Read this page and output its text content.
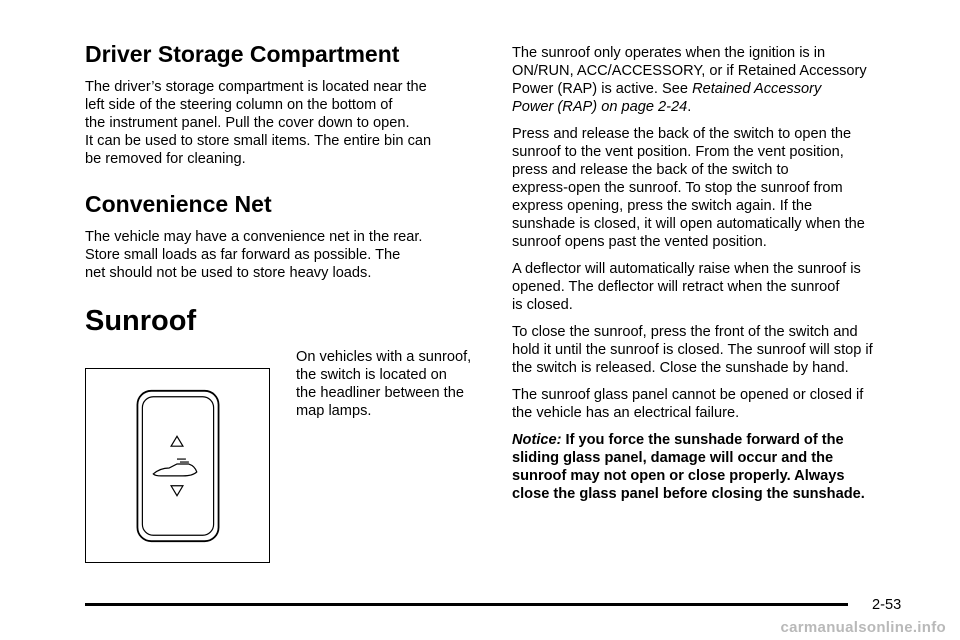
Driver Storage Compartment

The driver’s storage compartment is located near the
left side of the steering column on the bottom of
the instrument panel. Pull the cover down to open.
It can be used to store small items. The entire bin can
be removed for cleaning.

Convenience Net

The vehicle may have a convenience net in the rear.
Store small loads as far forward as possible. The
net should not be used to store heavy loads.

Sunroof

On vehicles with a sunroof,
the switch is located on
the headliner between the
map lamps.

The sunroof only operates when the ignition is in
ON/RUN, ACC/ACCESSORY, or if Retained Accessory
Power (RAP) is active. See Retained Accessory
Power (RAP) on page 2-24.

Press and release the back of the switch to open the
sunroof to the vent position. From the vent position,
press and release the back of the switch to
express-open the sunroof. To stop the sunroof from
express opening, press the switch again. If the
sunshade is closed, it will open automatically when the
sunroof opens past the vented position.

A deflector will automatically raise when the sunroof is
opened. The deflector will retract when the sunroof
is closed.

To close the sunroof, press the front of the switch and
hold it until the sunroof is closed. The sunroof will stop if
the switch is released. Close the sunshade by hand.

The sunroof glass panel cannot be opened or closed if
the vehicle has an electrical failure.

Notice: If you force the sunshade forward of the
sliding glass panel, damage will occur and the
sunroof may not open or close properly. Always
close the glass panel before closing the sunshade.

2-53
carmanualsonline.info
